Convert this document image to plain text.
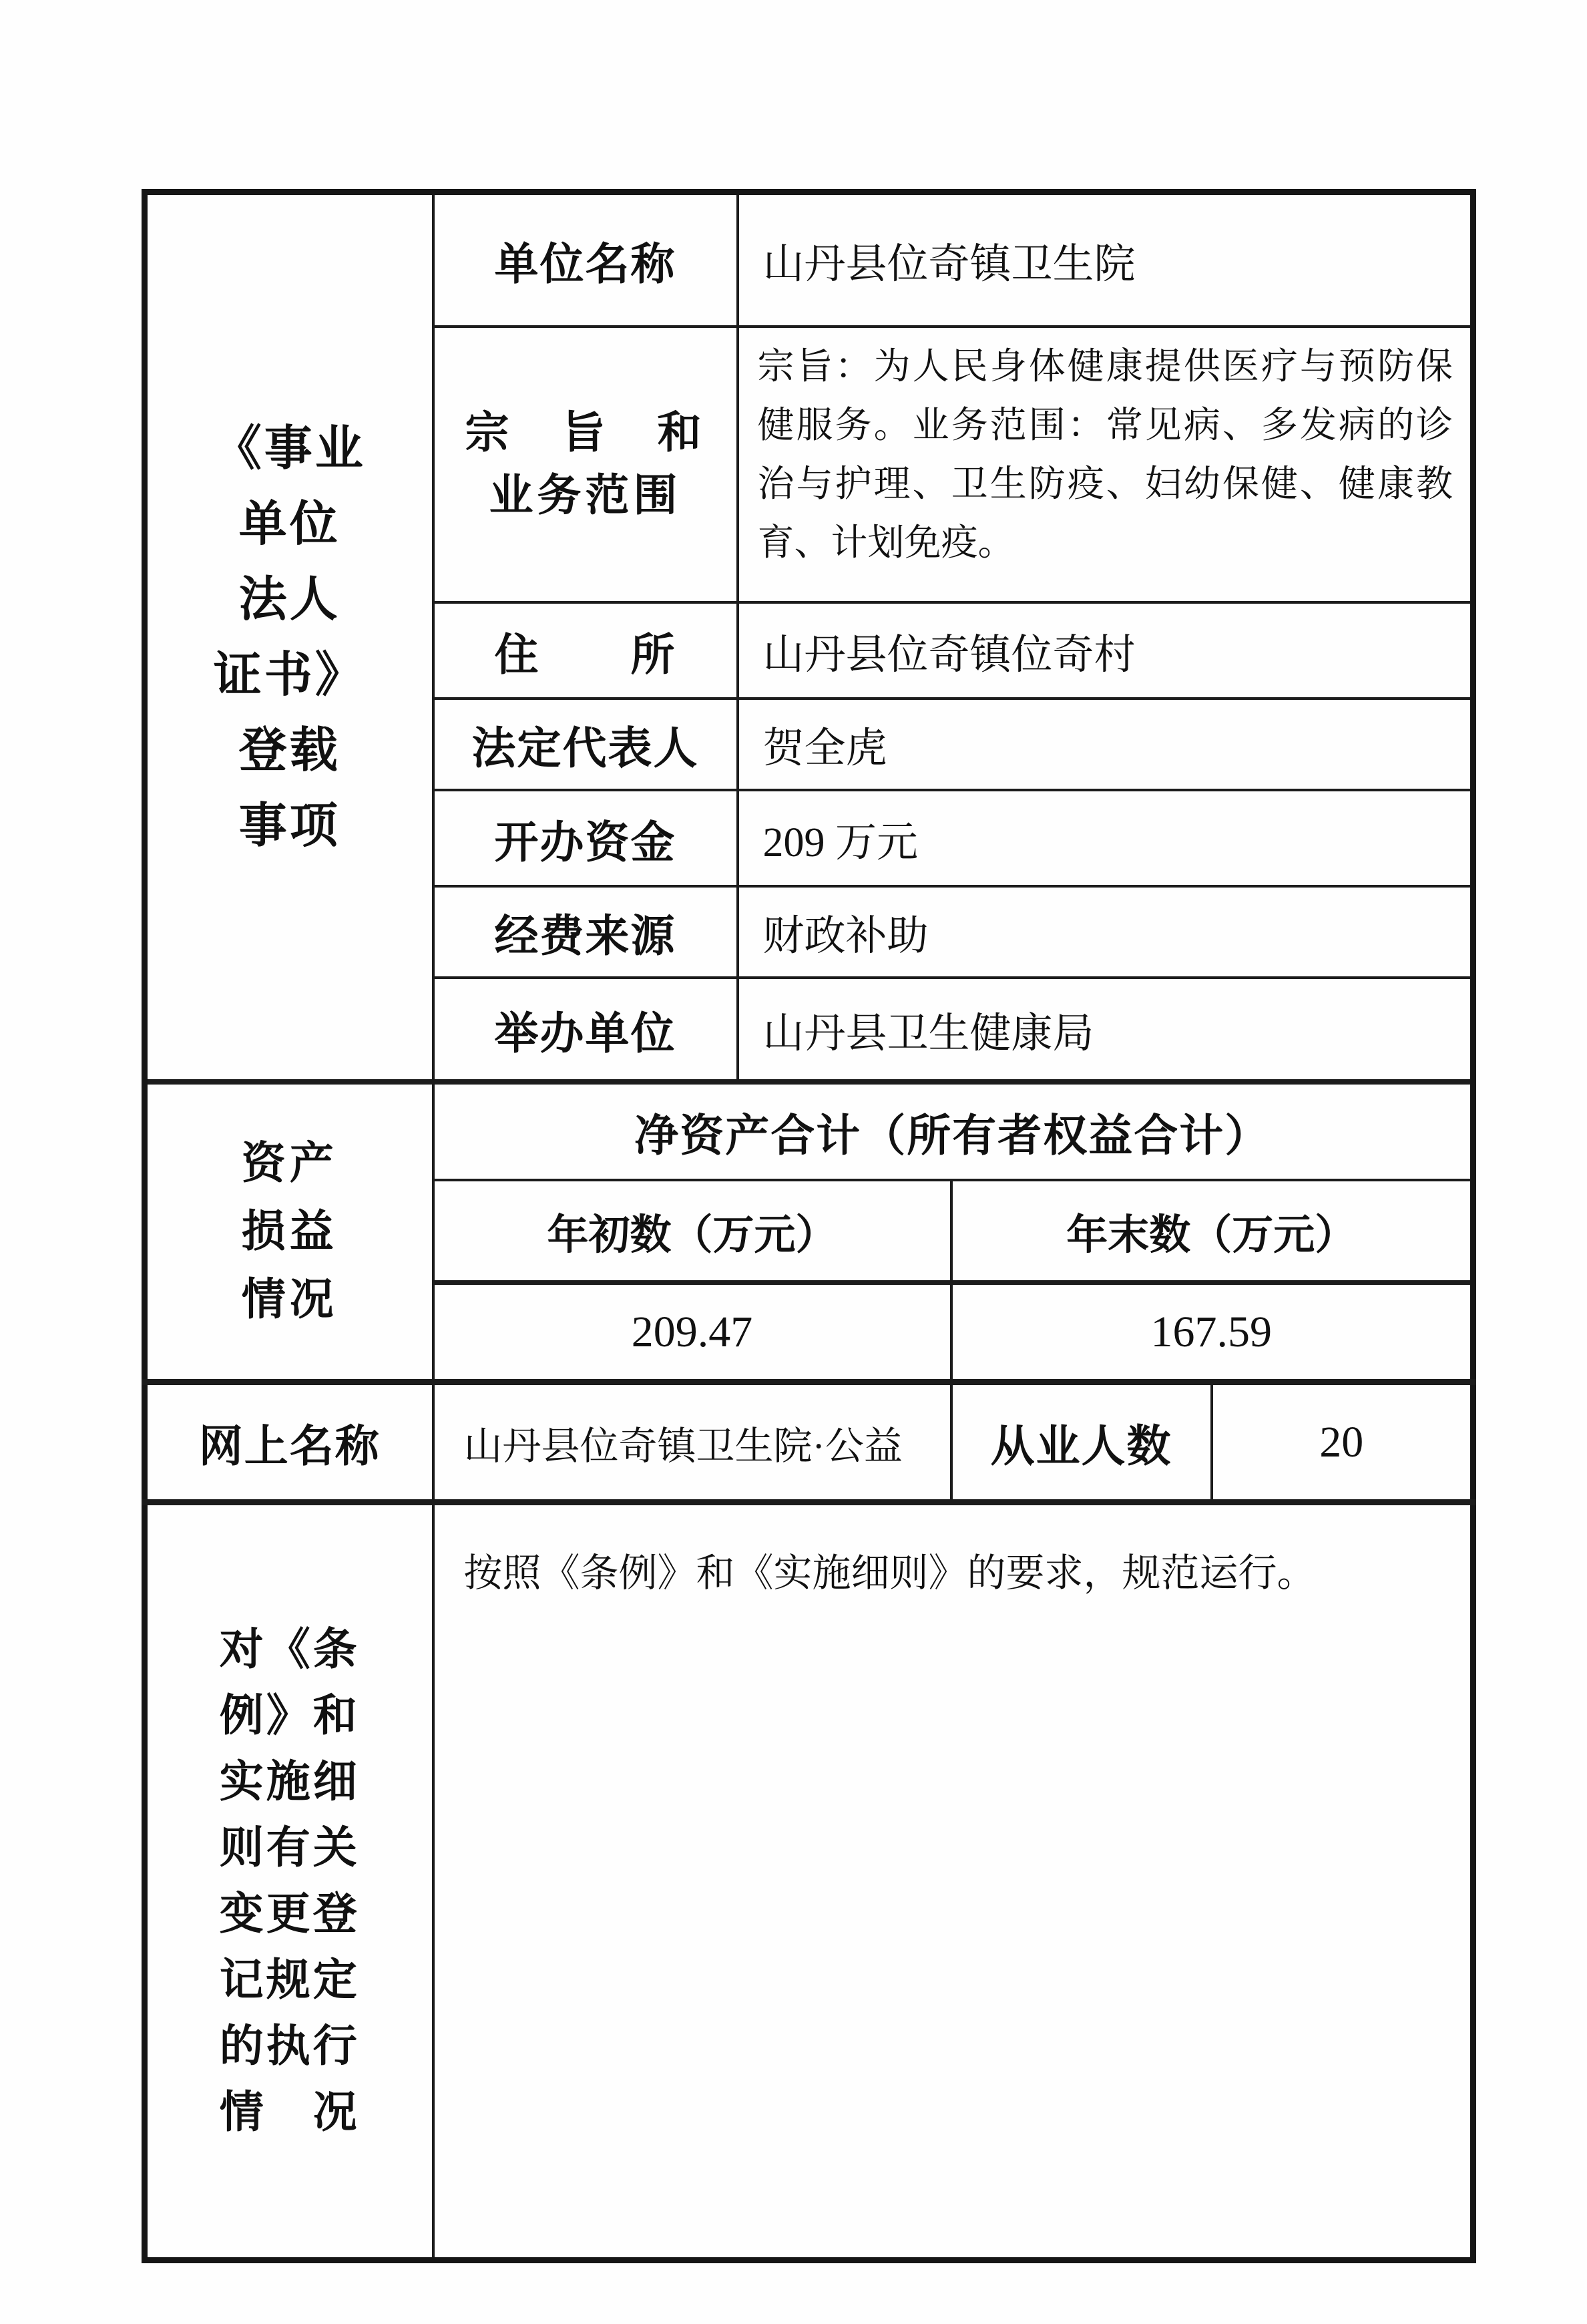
《事业
单位
法人
证书》
登载
事项
	单位名称	山丹县位奇镇卫生院

	宗　旨　和
业务范围	宗旨：为人民身体健康提供医疗与预防保健服务。业务范围：常见病、多发病的诊治与护理、卫生防疫、妇幼保健、健康教育、计划免疫。		
	住　　所	山丹县位奇镇位奇村		
	法定代表人	贺全虎		
	开办资金	209 万元		
	经费来源	财政补助		
	举办单位	山丹县卫生健康局		

资产
损益
情况	净资产合计（所有者权益合计）			
	年初数（万元）		年末数（万元）	
	209.47		167.59	
网上名称	山丹县位奇镇卫生院·公益		从业人数	20

对《条
例》和
实施细
则有关
变更登
记规定
的执行
情　况
	按照《条例》和《实施细则》的要求，规范运行。
